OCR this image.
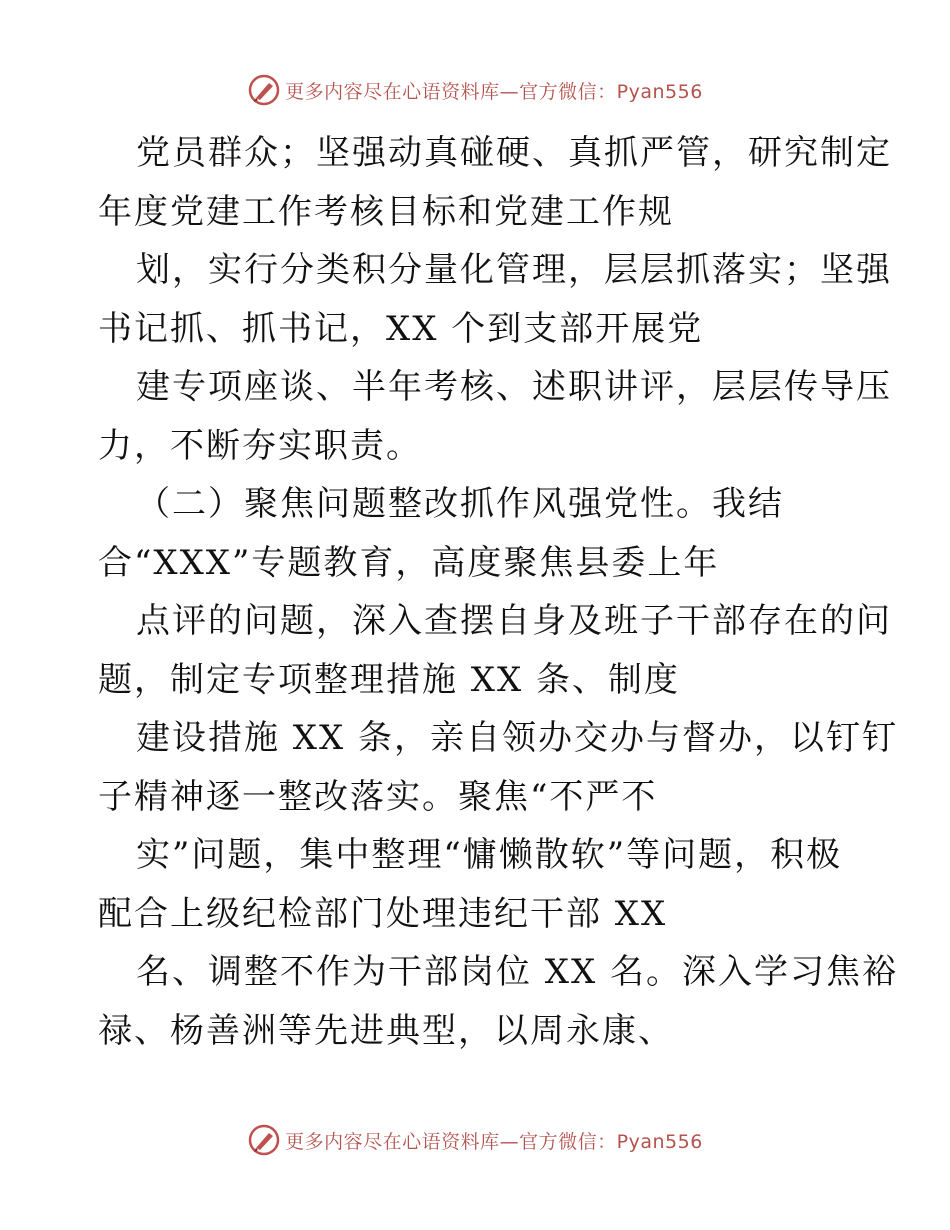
更多内容尽在心语资料库—官方微信：Pyan556
党员群众；坚强动真碰硬、真抓严管，研究制定
年度党建工作考核目标和党建工作规
划，实行分类积分量化管理，层层抓落实；坚强
书记抓、抓书记，XX 个到支部开展党
建专项座谈、半年考核、述职讲评，层层传导压
力，不断夯实职责。
（二）聚焦问题整改抓作风强党性。我结
合“XXX”专题教育，高度聚焦县委上年
点评的问题，深入查摆自身及班子干部存在的问
题，制定专项整理措施 XX 条、制度
建设措施 XX 条，亲自领办交办与督办，以钉钉
子精神逐一整改落实。聚焦“不严不
实”问题，集中整理“慵懒散软”等问题，积极
配合上级纪检部门处理违纪干部 XX
名、调整不作为干部岗位 XX 名。深入学习焦裕
禄、杨善洲等先进典型，以周永康、
更多内容尽在心语资料库—官方微信：Pyan556
